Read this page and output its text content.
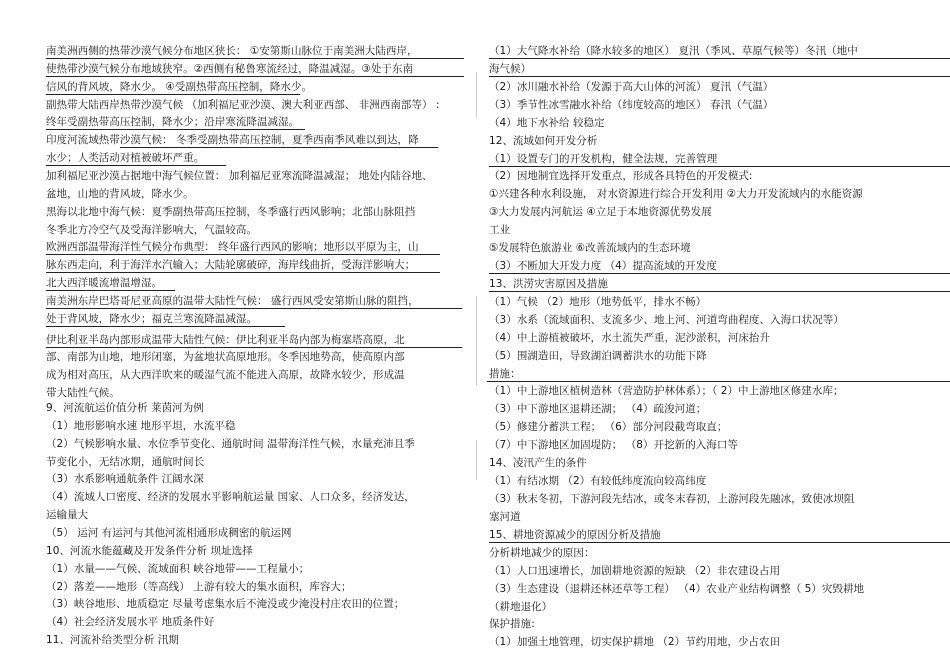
南美洲西侧的热带沙漠气候分布地区狭长： ①安第斯山脉位于南美洲大陆西岸，
使热带沙漠气候分布地域狭窄。②西侧有秘鲁寒流经过，降温减湿。③处于东南
信风的背风坡，降水少。 ④受副热带高压控制，降水少。
副热带大陆西岸热带沙漠气候 （加利福尼亚沙漠、澳大利亚西部、 非洲西南部等） :
终年受副热带高压控制，降水少；沿岸寒流降温减湿。
印度河流域热带沙漠气候： 冬季受副热带高压控制，夏季西南季风难以到达，降
水少；人类活动对植被破坏严重。
加利福尼亚沙漠占据地中海气候位置： 加利福尼亚寒流降温减湿； 地处内陆谷地、
盆地，山地的背风坡，降水少。
黑海以北地中海气候：夏季副热带高压控制，冬季盛行西风影响；北部山脉阻挡
冬季北方冷空气及受海洋影响大，气温较高。
欧洲西部温带海洋性气候分布典型： 终年盛行西风的影响；地形以平原为主，山
脉东西走向，利于海洋水汽输入；大陆轮廓破碎，海岸线曲折，受海洋影响大；
北大西洋暖流增温增湿。
南美洲东岸巴塔哥尼亚高原的温带大陆性气候： 盛行西风受安第斯山脉的阻挡，
处于背风坡，降水少；福克兰寒流降温减湿。
伊比利亚半岛内部形成温带大陆性气候：伊比利亚半岛内部为梅塞塔高原，北
部、南部为山地，地形闭塞，为盆地状高原地形。冬季因地势高，使高原内部
成为相对高压，从大西洋吹来的暖湿气流不能进入高原，故降水较少，形成温
带大陆性气候。
9、河流航运价值分析 莱茵河为例
（1）地形影响水速 地形平坦，水流平稳
（2）气候影响水量、水位季节变化、通航时间 温带海洋性气候，水量充沛且季
节变化小，无结冰期，通航时间长
（3）水系影响通航条件 江阔水深
（4）流域人口密度、经济的发展水平影响航运量 国家、人口众多，经济发达，
运输量大
（5） 运河 有运河与其他河流相通形成稠密的航运网
10、河流水能蕴藏及开发条件分析 坝址选择
（1）水量——气候、流域面积 峡谷地带——工程量小；
（2）落差——地形（等高线） 上游有较大的集水面积，库容大；
（3）峡谷地形、地质稳定 尽量考虑集水后不淹没或少淹没村庄农田的位置；
（4）社会经济发展水平 地质条件好
11、河流补给类型分析 汛期
（1）大气降水补给（降水较多的地区） 夏汛（季风、草原气候等）冬汛（地中
海气候）
（2）冰川融水补给（发源于高大山体的河流） 夏汛（气温）
（3）季节性冰雪融水补给（纬度较高的地区） 春汛（气温）
（4）地下水补给 较稳定
12、流域如何开发分析
（1）设置专门的开发机构，健全法规，完善管理
（2）因地制宜选择开发重点，形成各具特色的开发模式:
①兴建各种水利设施， 对水资源进行综合开发利用 ②大力开发流域内的水能资源
③大力发展内河航运 ④立足于本地资源优势发展
工业
⑤发展特色旅游业 ⑥改善流域内的生态环境
（3）不断加大开发力度 （4）提高流域的开发度
13、洪涝灾害原因及措施
（1）气候 （2）地形（地势低平，排水不畅）
（3）水系（流域面积、支流多少、地上河、河道弯曲程度、入海口状况等）
（4）中上游植被破坏，水土流失严重，泥沙淤积，河床抬升
（5）围湖造田，导致湖泊调蓄洪水的功能下降
措施：
（1）中上游地区植树造林（营造防护林体系）；（ 2）中上游地区修建水库；
（3）中下游地区退耕还湖； （4）疏浚河道；
（5）修建分蓄洪工程； （6）部分河段截弯取直；
（7）中下游地区加固堤防； （8）开挖新的入海口等
14、凌汛产生的条件
（1）有结冰期 （2）有较低纬度流向较高纬度
（3）秋末冬初，下游河段先结冰，或冬末春初，上游河段先融冰，致使冰坝阻
塞河道
15、耕地资源减少的原因分析及措施
分析耕地减少的原因：
（1）人口迅速增长，加剧耕地资源的短缺 （2）非农建设占用
（3）生态建设（退耕还林还草等工程） （4）农业产业结构调整（ 5）灾毁耕地
（耕地退化）
保护措施:
（1）加强土地管理，切实保护耕地 （2）节约用地，少占农田
